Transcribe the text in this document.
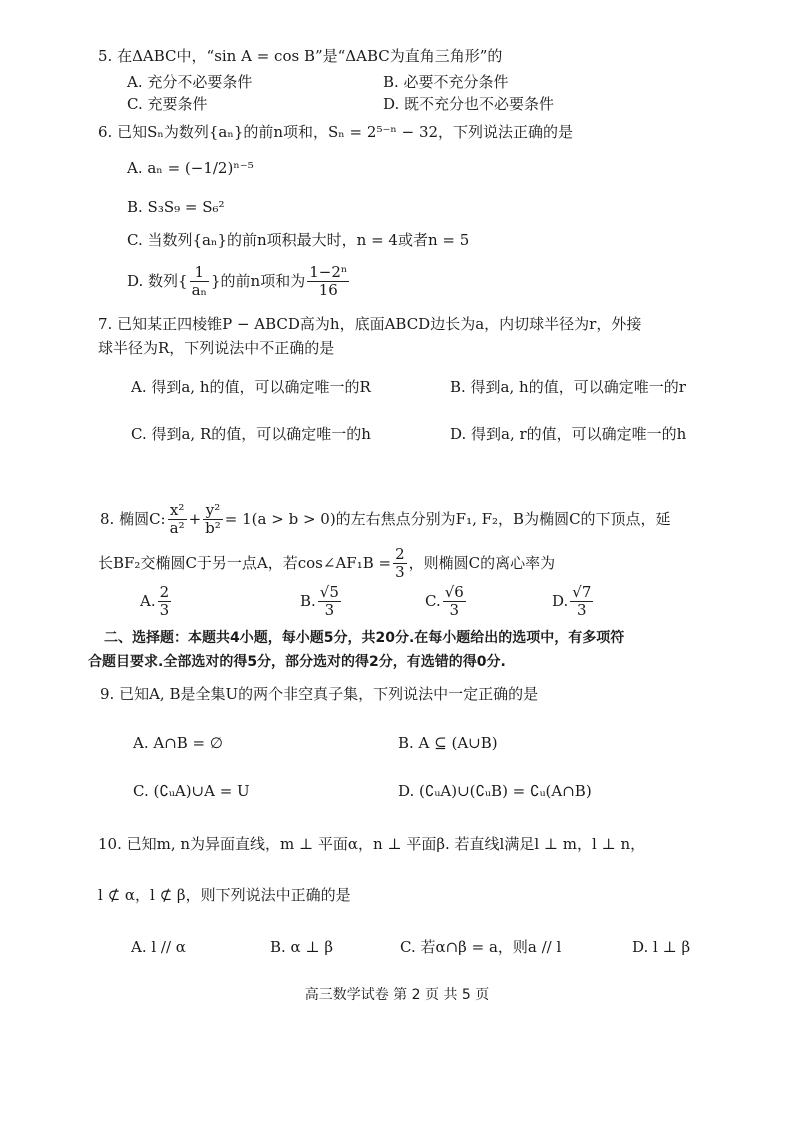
5. 在ΔABC中，“sin A = cos B”是“ΔABC为直角三角形”的
A. 充分不必要条件	B. 必要不充分条件
C. 充要条件	D. 既不充分也不必要条件
6. 已知Sₙ为数列{aₙ}的前n项和，Sₙ = 2⁵⁻ⁿ − 32，下列说法正确的是
A. aₙ = (−1/2)ⁿ⁻⁵
B. S₃S₉ = S₆²
C. 当数列{aₙ}的前n项积最大时，n = 4或者n = 5
D. 数列{ $\frac{1}{\text{aₙ}}$ }的前n项和为 $\frac{\text{1−2ⁿ}}{16}$
7. 已知某正四棱锥P − ABCD高为h，底面ABCD边长为a，内切球半径为r，外接
球半径为R，下列说法中不正确的是
A. 得到a, h的值，可以确定唯一的R	B. 得到a, h的值，可以确定唯一的r
C. 得到a, R的值，可以确定唯一的h	D. 得到a, r的值，可以确定唯一的h
8. 椭圆C: $\frac{\text{x²}}{\text{a²}} + \frac{\text{y²}}{\text{b²}} = 1(a > b > 0)$的左右焦点分别为F₁, F₂，B为椭圆C的下顶点，延
长BF₂交椭圆C于另一点A，若cos∠AF₁B = $\frac{2}{3}$ ，则椭圆C的离心率为
A. $\frac{2}{3}$	B. $\frac{√5}{3}$	C. $\frac{√6}{3}$	D. $\frac{√7}{3}$
二、选择题：本题共4小题，每小题5分，共20分.在每小题给出的选项中，有多项符
合题目要求.全部选对的得5分，部分选对的得2分，有选错的得0分.
9. 已知A, B是全集U的两个非空真子集，下列说法中一定正确的是
A. A∩B = ∅	B. A ⊆ (A∪B)
C. (∁ᵤA)∪A = U	D. (∁ᵤA)∪(∁ᵤB) = ∁ᵤ(A∩B)
10. 已知m, n为异面直线，m ⊥ 平面α，n ⊥ 平面β. 若直线l满足l ⊥ m，l ⊥ n，
l ⊄ α，l ⊄ β，则下列说法中正确的是
A. l // α	B. α ⊥ β	C. 若α∩β = a，则a // l	D. l ⊥ β
高三数学试卷 第 2 页 共 5 页
